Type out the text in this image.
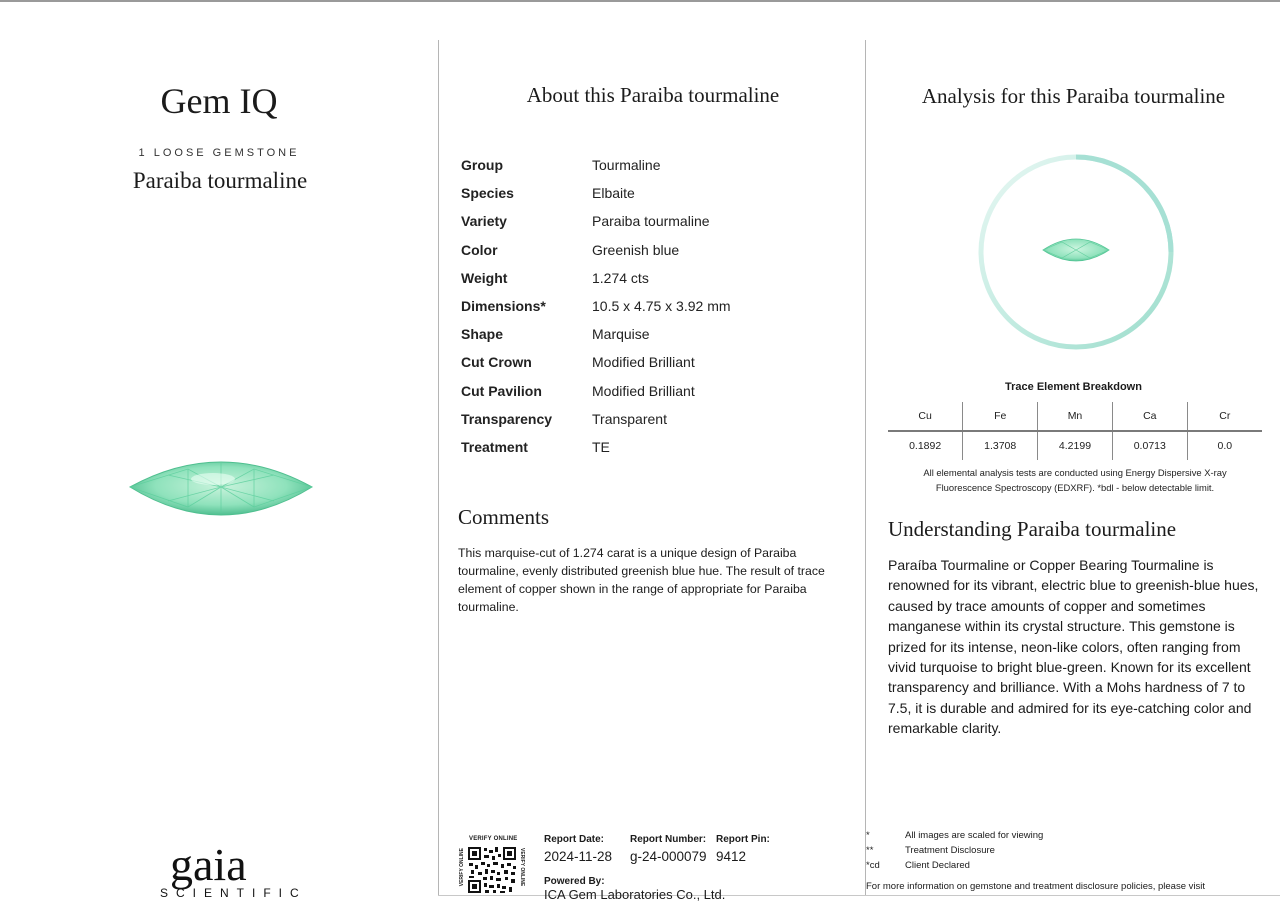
Gem IQ
1 LOOSE GEMSTONE
Paraiba tourmaline
gaia
SCIENTIFIC
About this Paraiba tourmaline
Group	Tourmaline
Species	Elbaite
Variety	Paraiba tourmaline
Color	Greenish blue
Weight	1.274 cts
Dimensions*	10.5 x 4.75 x 3.92 mm
Shape	Marquise
Cut Crown	Modified Brilliant
Cut Pavilion	Modified Brilliant
Transparency	Transparent
Treatment	TE
Comments
This marquise-cut of 1.274 carat is a unique design of Paraiba tourmaline, evenly distributed greenish blue hue. The result of trace element of copper shown in the range of appropriate for Paraiba tourmaline.
VERIFY ONLINE
VERIFY ONLINE	VERIFY ONLINE
Report Date:
2024-11-28
Report Number:
g-24-000079
Report Pin:
9412
Powered By:
ICA Gem Laboratories Co., Ltd.
Analysis for this Paraiba tourmaline
Trace Element Breakdown
Cu	Fe	Mn	Ca	Cr
0.1892	1.3708	4.2199	0.0713	0.0
All elemental analysis tests are conducted using Energy Dispersive X-ray Fluorescence Spectroscopy (EDXRF). *bdl - below detectable limit.
Understanding Paraiba tourmaline
Paraíba Tourmaline or Copper Bearing Tourmaline is renowned for its vibrant, electric blue to greenish-blue hues, caused by trace amounts of copper and sometimes manganese within its crystal structure. This gemstone is prized for its intense, neon-like colors, often ranging from vivid turquoise to bright blue-green. Known for its excellent transparency and brilliance. With a Mohs hardness of 7 to 7.5, it is durable and admired for its eye-catching color and remarkable clarity.
*	All images are scaled for viewing
**	Treatment Disclosure
*cd	Client Declared
For more information on gemstone and treatment disclosure policies, please visit
